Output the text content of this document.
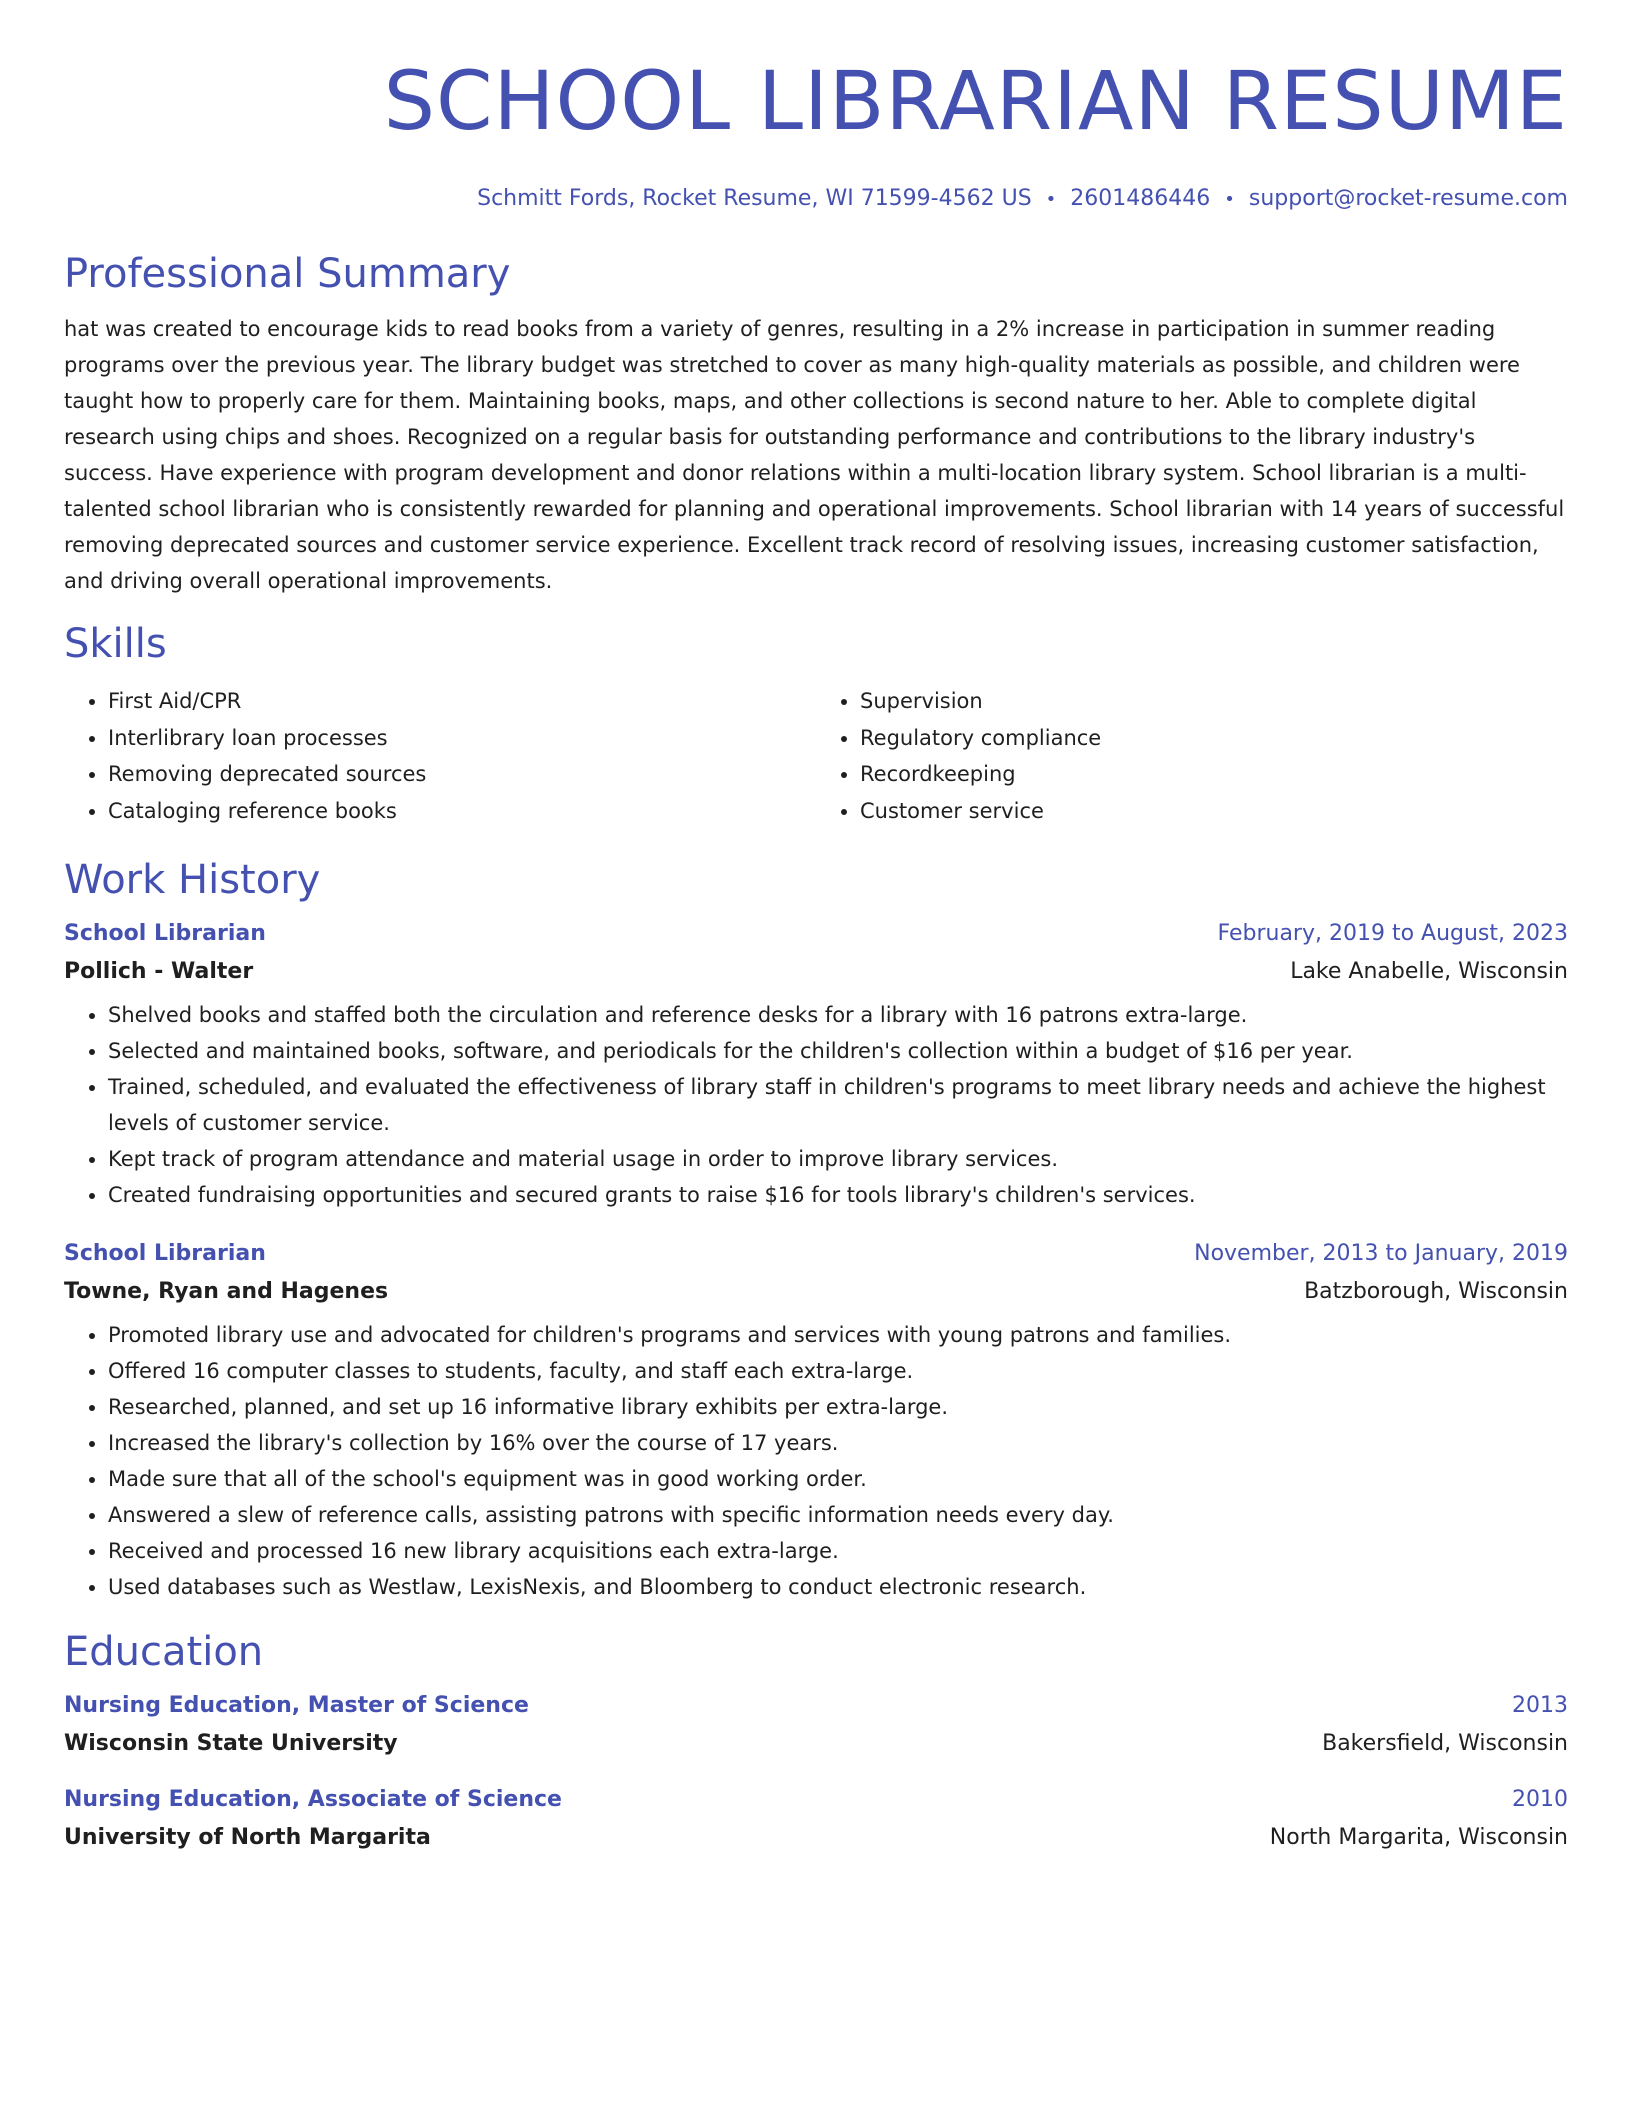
SCHOOL LIBRARIAN RESUME
Schmitt Fords, Rocket Resume, WI 71599-4562 US • 2601486446 • support@rocket-resume.com
Professional Summary

hat was created to encourage kids to read books from a variety of genres, resulting in a 2% increase in participation in summer reading programs over the previous year. The library budget was stretched to cover as many high-quality materials as possible, and children were taught how to properly care for them. Maintaining books, maps, and other collections is second nature to her. Able to complete digital research using chips and shoes. Recognized on a regular basis for outstanding performance and contributions to the library industry's success. Have experience with program development and donor relations within a multi-location library system. School librarian is a multi-talented school librarian who is consistently rewarded for planning and operational improvements. School librarian with 14 years of successful removing deprecated sources and customer service experience. Excellent track record of resolving issues, increasing customer satisfaction, and driving overall operational improvements.

Skills
• First Aid/CPR
• Interlibrary loan processes
• Removing deprecated sources
• Cataloging reference books
• Supervision
• Regulatory compliance
• Recordkeeping
• Customer service
Work History
School Librarian	February, 2019 to August, 2023
Pollich - Walter	Lake Anabelle, Wisconsin
• Shelved books and staffed both the circulation and reference desks for a library with 16 patrons extra-large.
• Selected and maintained books, software, and periodicals for the children's collection within a budget of $16 per year.
• Trained, scheduled, and evaluated the effectiveness of library staff in children's programs to meet library needs and achieve the highest levels of customer service.
• Kept track of program attendance and material usage in order to improve library services.
• Created fundraising opportunities and secured grants to raise $16 for tools library's children's services.
School Librarian	November, 2013 to January, 2019
Towne, Ryan and Hagenes	Batzborough, Wisconsin
• Promoted library use and advocated for children's programs and services with young patrons and families.
• Offered 16 computer classes to students, faculty, and staff each extra-large.
• Researched, planned, and set up 16 informative library exhibits per extra-large.
• Increased the library's collection by 16% over the course of 17 years.
• Made sure that all of the school's equipment was in good working order.
• Answered a slew of reference calls, assisting patrons with specific information needs every day.
• Received and processed 16 new library acquisitions each extra-large.
• Used databases such as Westlaw, LexisNexis, and Bloomberg to conduct electronic research.
Education
Nursing Education, Master of Science	2013
Wisconsin State University	Bakersfield, Wisconsin
Nursing Education, Associate of Science	2010
University of North Margarita	North Margarita, Wisconsin
